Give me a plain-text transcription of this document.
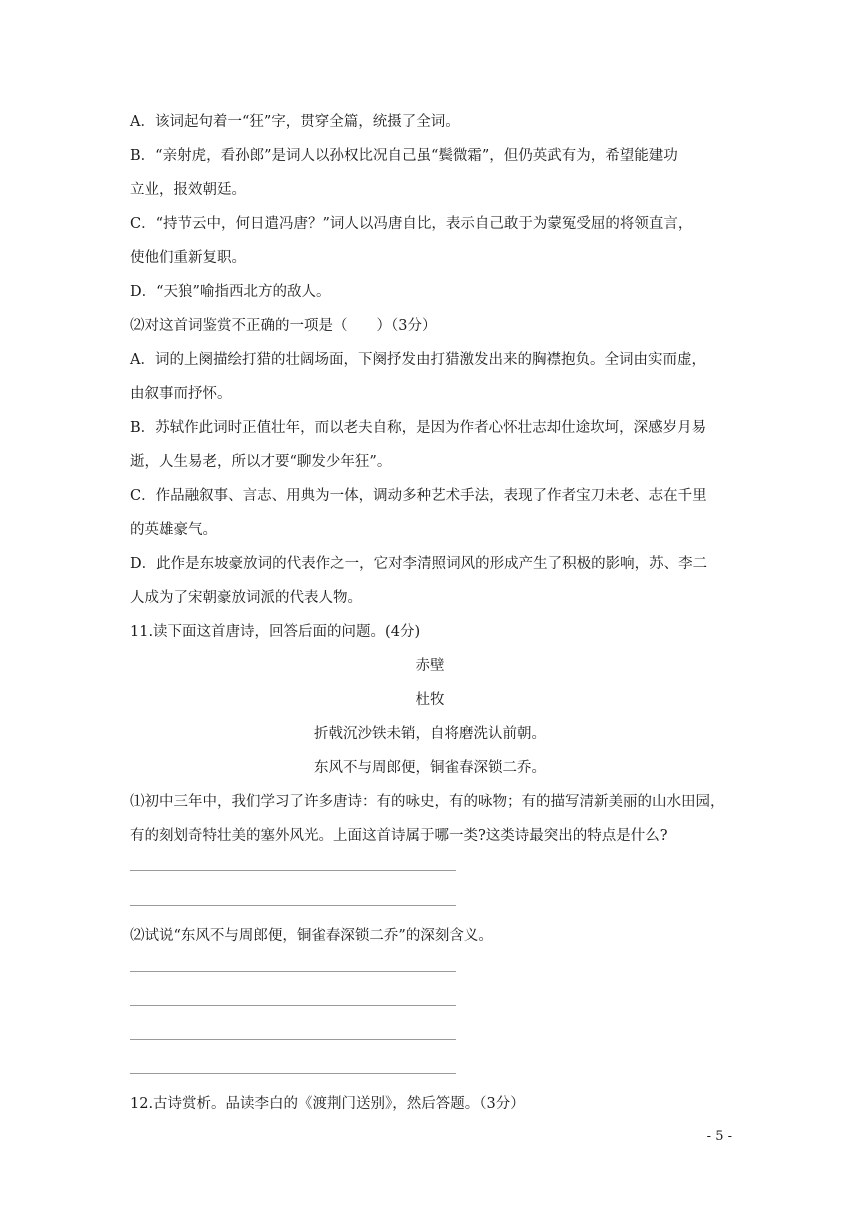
A．该词起句着一“狂”字，贯穿全篇，统摄了全词。
B．“亲射虎，看孙郎”是词人以孙权比况自己虽“鬓微霜”，但仍英武有为，希望能建功
立业，报效朝廷。
C．“持节云中，何日遣冯唐？”词人以冯唐自比，表示自己敢于为蒙冤受屈的将领直言，
使他们重新复职。
D．“天狼”喻指西北方的敌人。
⑵对这首词鉴赏不正确的一项是（　　）（3分）
A．词的上阕描绘打猎的壮阔场面，下阕抒发由打猎激发出来的胸襟抱负。全词由实而虚，
由叙事而抒怀。
B．苏轼作此词时正值壮年，而以老夫自称，是因为作者心怀壮志却仕途坎坷，深感岁月易
逝，人生易老，所以才要“聊发少年狂”。
C．作品融叙事、言志、用典为一体，调动多种艺术手法，表现了作者宝刀未老、志在千里
的英雄豪气。
D．此作是东坡豪放词的代表作之一，它对李清照词风的形成产生了积极的影响，苏、李二
人成为了宋朝豪放词派的代表人物。
11.读下面这首唐诗，回答后面的问题。(4分)
赤壁
杜牧
折戟沉沙铁未销，自将磨洗认前朝。
东风不与周郎便，铜雀春深锁二乔。
⑴初中三年中，我们学习了许多唐诗：有的咏史，有的咏物；有的描写清新美丽的山水田园，
有的刻划奇特壮美的塞外风光。上面这首诗属于哪一类?这类诗最突出的特点是什么?
⑵试说“东风不与周郎便，铜雀春深锁二乔”的深刻含义。
12.古诗赏析。品读李白的《渡荆门送别》，然后答题。（3分）
- 5 -
